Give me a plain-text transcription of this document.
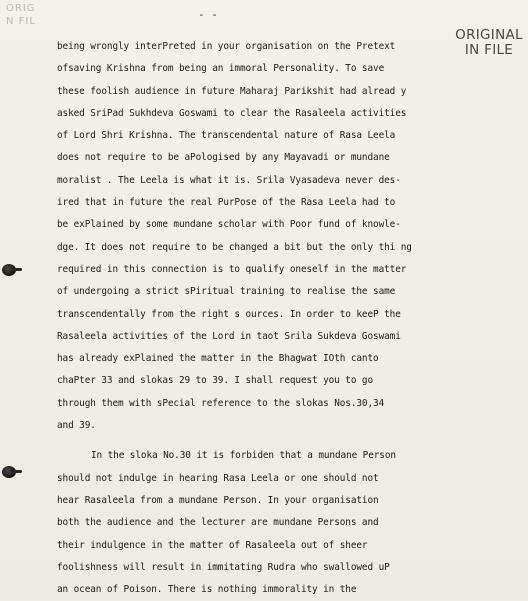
ORIG
N FIL
- -
ORIGINAL
IN FILE
being wrongly interPreted in your organisation on the Pretext
ofsaving Krishna from being an immoral Personality. To save
these foolish audience in future Maharaj Parikshit had alread y
asked SriPad Sukhdeva Goswami to clear the Rasaleela activities
of Lord Shri Krishna. The transcendental nature of Rasa Leela
does not require to be aPologised by any Mayavadi or mundane
moralist . The Leela is what it is. Srila Vyasadeva never des-
ired that in future the real PurPose of the Rasa Leela had to
be exPlained by some mundane scholar with Poor fund of knowle-
dge. It does not require to be changed a bit but the only thi ng
required in this connection is to qualify oneself in the matter
of undergoing a strict sPiritual training to realise the same
transcendentally from the right s ources. In order to keeP the
Rasaleela activities of the Lord in taot Srila Sukdeva Goswami
has already exPlained the matter in the Bhagwat IOth canto
chaPter 33 and slokas 29 to 39. I shall request you to go
through them with sPecial reference to the slokas Nos.30,34
and 39.
In the sloka No.30 it is forbiden that a mundane Person
should not indulge in hearing Rasa Leela or one should not
hear Rasaleela from a mundane Person. In your organisation
both the audience and the lecturer are mundane Persons and
their indulgence in the matter of Rasaleela out of sheer
foolishness will result in immitating Rudra who swallowed uP
an ocean of Poison. There is nothing immorality in the
